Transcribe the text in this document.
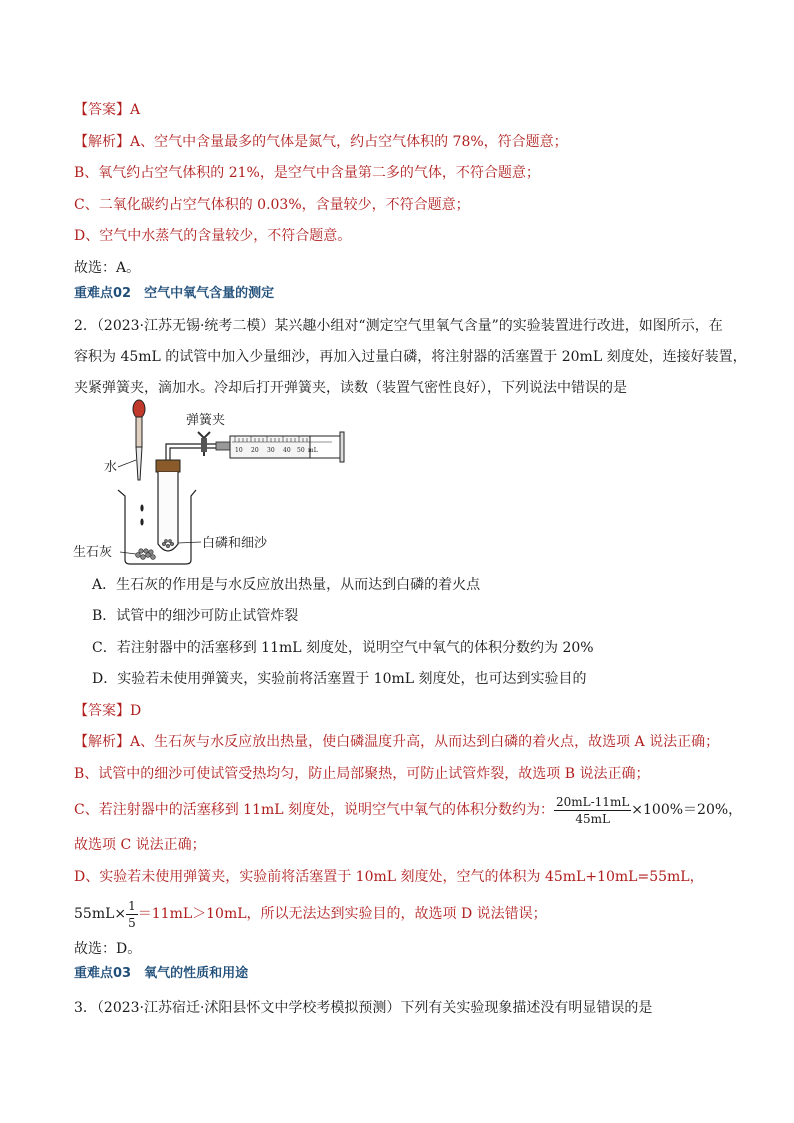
【答案】A
【解析】A、空气中含量最多的气体是氮气，约占空气体积的 78%，符合题意；
B、氧气约占空气体积的 21%，是空气中含量第二多的气体，不符合题意；
C、二氧化碳约占空气体积的 0.03%，含量较少，不符合题意；
D、空气中水蒸气的含量较少，不符合题意。
故选：A。
重难点02　空气中氧气含量的测定
2．（2023·江苏无锡·统考二模）某兴趣小组对“测定空气里氧气含量”的实验装置进行改进，如图所示，在
容积为 45mL 的试管中加入少量细沙，再加入过量白磷，将注射器的活塞置于 20mL 刻度处，连接好装置，
夹紧弹簧夹，滴加水。冷却后打开弹簧夹，读数（装置气密性良好），下列说法中错误的是
水
生石灰
白磷和细沙
弹簧夹
10 20 30 40 50 mL
A．生石灰的作用是与水反应放出热量，从而达到白磷的着火点
B．试管中的细沙可防止试管炸裂
C．若注射器中的活塞移到 11mL 刻度处，说明空气中氧气的体积分数约为 20%
D．实验若未使用弹簧夹，实验前将活塞置于 10mL 刻度处，也可达到实验目的
【答案】D
【解析】A、生石灰与水反应放出热量，使白磷温度升高，从而达到白磷的着火点，故选项 A 说法正确；
B、试管中的细沙可使试管受热均匀，防止局部聚热，可防止试管炸裂，故选项 B 说法正确；
C、若注射器中的活塞移到 11mL 刻度处，说明空气中氧气的体积分数约为： $\frac{20mL-11mL}{45mL} \times 100\%=20\%$，
故选项 C 说法正确；
D、实验若未使用弹簧夹，实验前将活塞置于 10mL 刻度处，空气的体积为 45mL+10mL=55mL，
$55mL\times \frac{1}{5} =11mL>10mL$，所以无法达到实验目的，故选项 D 说法错误；
故选：D。
重难点03　氧气的性质和用途
3．（2023·江苏宿迁·沭阳县怀文中学校考模拟预测）下列有关实验现象描述没有明显错误的是
